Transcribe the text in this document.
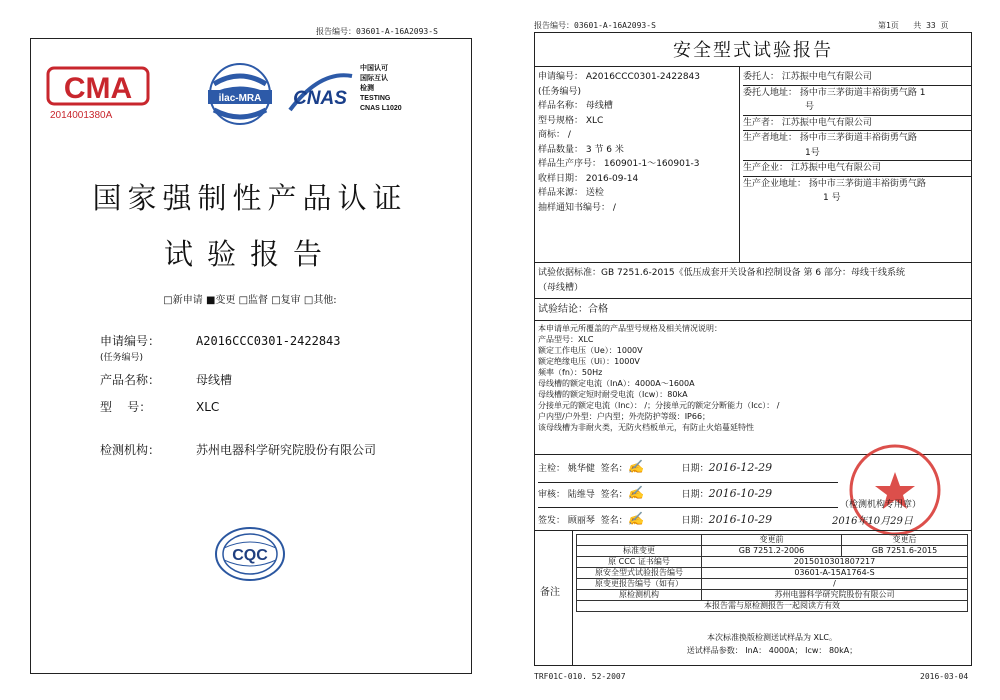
报告编号：03601-A-16A2093-S
CMA
2014001380A
ilac-MRA CNAS
中国认可
国际互认
检测
TESTING
CNAS L1020
国家强制性产品认证
试验报告
□新申请 ■变更 □监督 □复审 □其他:
申请编号：	A2016CCC0301-2422843
(任务编号)
产品名称：	母线槽
型    号：	XLC
检测机构：	苏州电器科学研究院股份有限公司
CQC
报告编号：03601-A-16A2093-S	第1页 共 33 页
安全型式试验报告
申请编号： A2016CCC0301-2422843
(任务编号)
样品名称： 母线槽
型号规格： XLC
商标： /
样品数量： 3 节 6 米
样品生产序号： 160901-1～160901-3
收样日期： 2016-09-14
样品来源： 送检
抽样通知书编号： /
委托人： 江苏振中电气有限公司
委托人地址： 扬中市三茅街道丰裕街勇气路 1
号
生产者： 江苏振中电气有限公司
生产者地址： 扬中市三茅街道丰裕街勇气路
1号
生产企业： 江苏振中电气有限公司
生产企业地址： 扬中市三茅街道丰裕街勇气路
1 号
试验依据标准：GB 7251.6-2015《低压成套开关设备和控制设备 第 6 部分：母线干线系统
（母线槽）
试验结论：合格
本申请单元所覆盖的产品型号规格及相关情况说明：
产品型号：XLC
额定工作电压（Ue）：1000V
额定绝缘电压（Ui）：1000V
频率（fn）：50Hz
母线槽的额定电流（InA）：4000A～1600A
母线槽的额定短时耐受电流（Icw）：80kA
分接单元的额定电流（Inc）： /；分接单元的额定分断能力（Icc）： /
户内型/户外型：户内型；外壳防护等级：IP66；
该母线槽为非耐火类，无防火档板单元，有防止火焰蔓延特性
主检： 姚华健 签名：✍	日期：2016-12-29
审核： 陆维导 签名：✍	日期：2016-10-29
签发： 顾丽琴 签名：✍	日期：2016-10-29
（检测机构专用章）
2016年10月29日
备注
	变更前	变更后
标准变更	GB 7251.2-2006	GB 7251.6-2015
原 CCC 证书编号	2015010301807217	
原安全型式试验报告编号	03601-A-15A1764-S	
原变更报告编号（如有）	/	
原检测机构	苏州电器科学研究院股份有限公司	
本报告需与原检测报告一起阅读方有效		
本次标准换版检测送试样品为 XLC。
送试样品参数： InA： 4000A； Icw： 80kA；
TRF01C-010. 52-2007	2016-03-04
